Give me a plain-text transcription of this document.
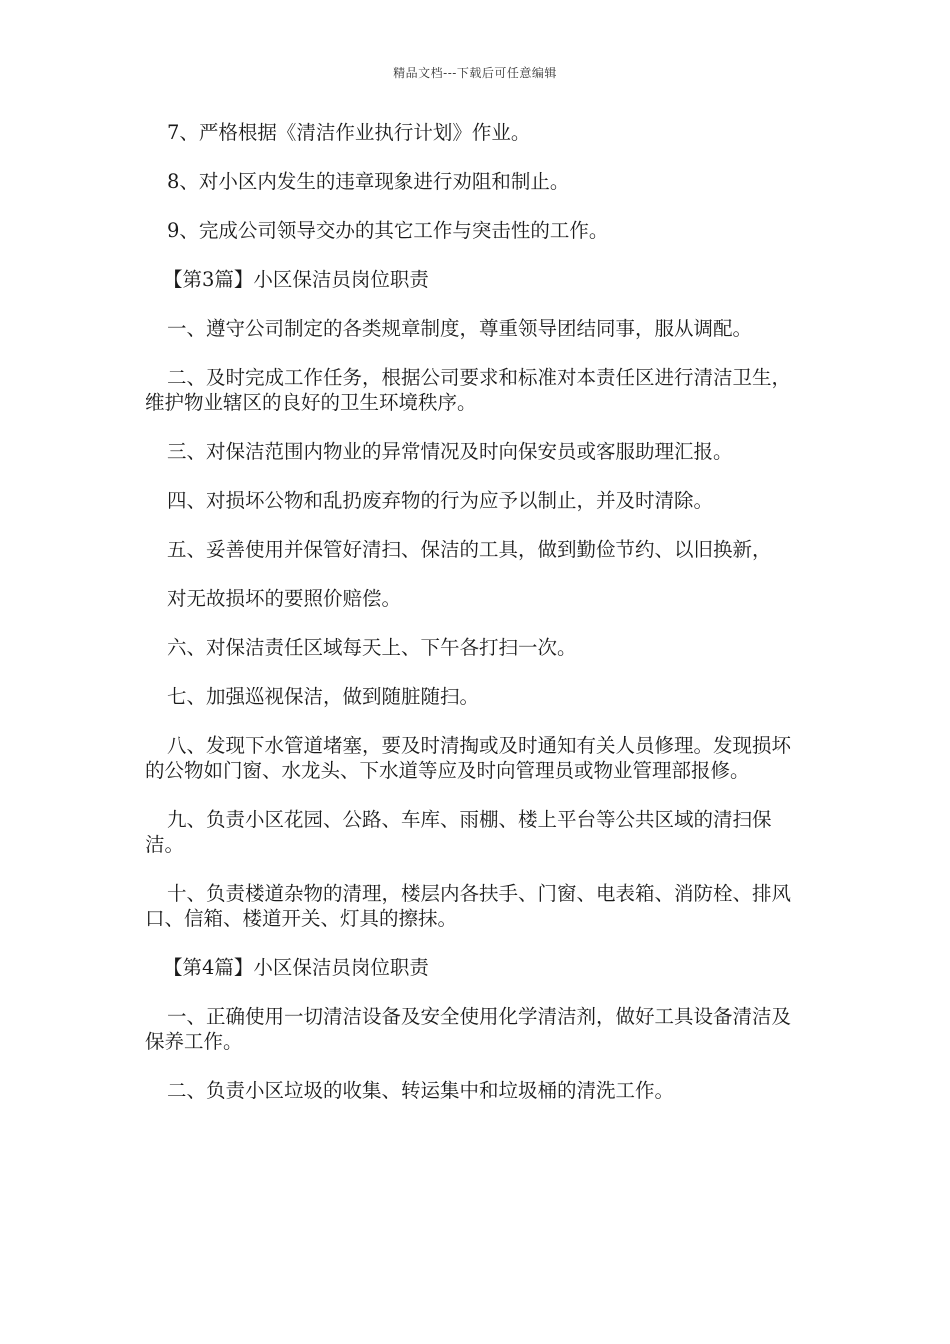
精品文档---下载后可任意编辑

7、严格根据《清洁作业执行计划》作业。

8、对小区内发生的违章现象进行劝阻和制止。

9、完成公司领导交办的其它工作与突击性的工作。

【第3篇】小区保洁员岗位职责

一、遵守公司制定的各类规章制度，尊重领导团结同事，服从调配。

二、及时完成工作任务，根据公司要求和标准对本责任区进行清洁卫生，维护物业辖区的良好的卫生环境秩序。

三、对保洁范围内物业的异常情况及时向保安员或客服助理汇报。

四、对损坏公物和乱扔废弃物的行为应予以制止，并及时清除。

五、妥善使用并保管好清扫、保洁的工具，做到勤俭节约、以旧换新，

对无故损坏的要照价赔偿。

六、对保洁责任区域每天上、下午各打扫一次。

七、加强巡视保洁，做到随脏随扫。

八、发现下水管道堵塞，要及时清掏或及时通知有关人员修理。发现损坏的公物如门窗、水龙头、下水道等应及时向管理员或物业管理部报修。

九、负责小区花园、公路、车库、雨棚、楼上平台等公共区域的清扫保洁。

十、负责楼道杂物的清理，楼层内各扶手、门窗、电表箱、消防栓、排风口、信箱、楼道开关、灯具的擦抹。

【第4篇】小区保洁员岗位职责

一、正确使用一切清洁设备及安全使用化学清洁剂，做好工具设备清洁及保养工作。

二、负责小区垃圾的收集、转运集中和垃圾桶的清洗工作。
